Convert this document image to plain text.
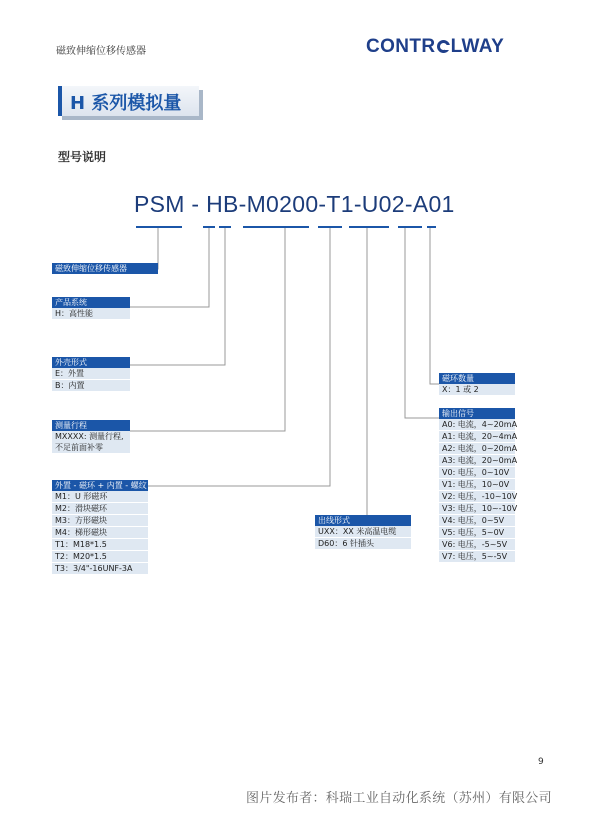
磁致伸缩位移传感器	CONTR LWAY
H 系列模拟量
型号说明
PSM - HB-M0200-T1-U02-A01
磁致伸缩位移传感器
产品系统
H：高性能
外壳形式
E：外置
B：内置
测量行程
MXXXX: 测量行程,不足前面补零
外置 - 磁环 + 内置 - 螺纹
M1：U 形磁环
M2：滑块磁环
M3：方形磁块
M4：梯形磁块
T1：M18*1.5
T2：M20*1.5
T3：3/4"-16UNF-3A
出线形式
UXX：XX 米高温电缆
D60：6 针插头
磁环数量
X：1 或 2
输出信号
A0: 电流，4~20mA
A1: 电流，20~4mA
A2: 电流，0~20mA
A3: 电流，20~0mA
V0: 电压，0~10V
V1: 电压，10~0V
V2: 电压，-10~10V
V3: 电压，10~-10V
V4: 电压，0~5V
V5: 电压，5~0V
V6: 电压，-5~5V
V7: 电压，5~-5V
9
图片发布者：科瑞工业自动化系统（苏州）有限公司
